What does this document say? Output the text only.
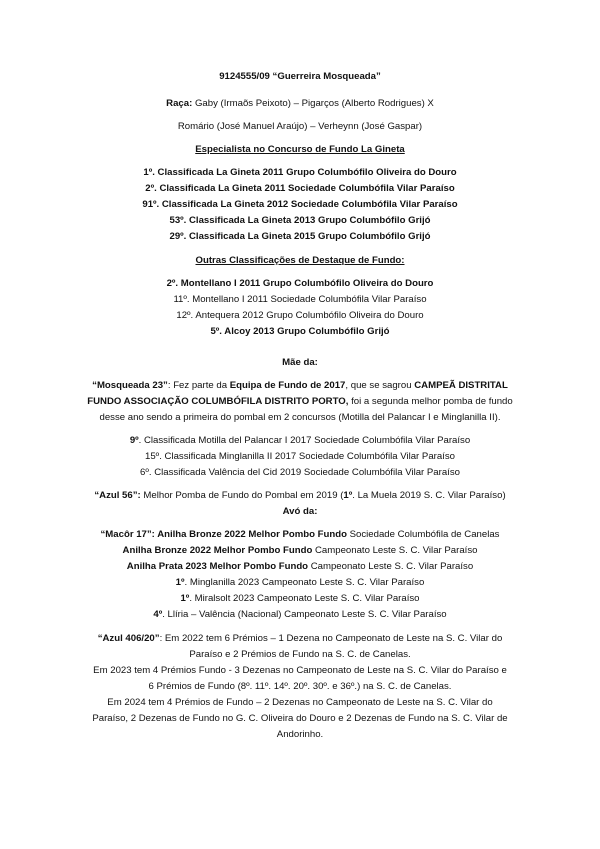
9124555/09 “Guerreira Mosqueada”
Raça: Gaby (Irmaõs Peixoto) – Pigarços (Alberto Rodrigues) X
Romário (José Manuel Araújo) – Verheynn (José Gaspar)
Especialista no Concurso de Fundo La Gineta
1º. Classificada La Gineta 2011 Grupo Columbófilo Oliveira do Douro
2º. Classificada La Gineta 2011 Sociedade Columbófila Vilar Paraíso
91º. Classificada La Gineta 2012 Sociedade Columbófila Vilar Paraíso
53º. Classificada La Gineta 2013 Grupo Columbófilo Grijó
29º. Classificada La Gineta 2015 Grupo Columbófilo Grijó
Outras Classificações de Destaque de Fundo:
2º. Montellano I 2011 Grupo Columbófilo Oliveira do Douro
11º. Montellano I 2011 Sociedade Columbófila Vilar Paraíso
12º. Antequera 2012 Grupo Columbófilo Oliveira do Douro
5º. Alcoy 2013 Grupo Columbófilo Grijó
Mãe da:
“Mosqueada 23”: Fez parte da Equipa de Fundo de 2017, que se sagrou CAMPEÃ DISTRITAL
FUNDO ASSOCIAÇÃO COLUMBÓFILA DISTRITO PORTO, foi a segunda melhor pomba de fundo
desse ano sendo a primeira do pombal em 2 concursos (Motilla del Palancar I e Minglanilla II).
9º. Classificada Motilla del Palancar I 2017 Sociedade Columbófila Vilar Paraíso
15º. Classificada Minglanilla II 2017 Sociedade Columbófila Vilar Paraíso
6º. Classificada Valência del Cid 2019 Sociedade Columbófila Vilar Paraíso
“Azul 56”: Melhor Pomba de Fundo do Pombal em 2019 (1º. La Muela 2019 S. C. Vilar Paraíso)
Avó da:
“Macôr 17”: Anilha Bronze 2022 Melhor Pombo Fundo Sociedade Columbófila de Canelas
Anilha Bronze 2022 Melhor Pombo Fundo Campeonato Leste S. C. Vilar Paraíso
Anilha Prata 2023 Melhor Pombo Fundo Campeonato Leste S. C. Vilar Paraíso
1º. Minglanilla 2023 Campeonato Leste S. C. Vilar Paraíso
1º. Miralsolt 2023 Campeonato Leste S. C. Vilar Paraíso
4º. Llíria – Valência (Nacional) Campeonato Leste S. C. Vilar Paraíso
“Azul 406/20”: Em 2022 tem 6 Prémios – 1 Dezena no Campeonato de Leste na S. C. Vilar do
Paraíso e 2 Prémios de Fundo na S. C. de Canelas.
Em 2023 tem 4 Prémios Fundo - 3 Dezenas no Campeonato de Leste na S. C. Vilar do Paraíso e
6 Prémios de Fundo (8º. 11º. 14º. 20º. 30º. e 36º.) na S. C. de Canelas.
Em 2024 tem 4 Prémios de Fundo – 2 Dezenas no Campeonato de Leste na S. C. Vilar do
Paraíso, 2 Dezenas de Fundo no G. C. Oliveira do Douro e 2 Dezenas de Fundo na S. C. Vilar de
Andorinho.
